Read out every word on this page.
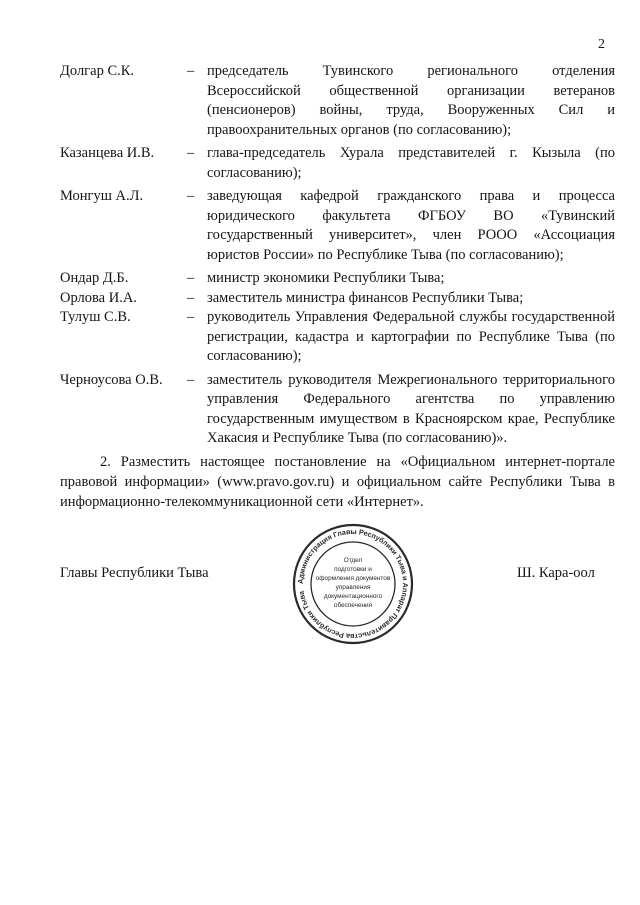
2
Долгар С.К.	– председатель Тувинского регионального отделения Всероссийской общественной организации ветеранов (пенсионеров) войны, труда, Вооруженных Сил и правоохранительных органов (по согласованию);
Казанцева И.В.	– глава-председатель Хурала представителей г. Кызыла (по согласованию);
Монгуш А.Л.	– заведующая кафедрой гражданского права и процесса юридического факультета ФГБОУ ВО «Тувинский государственный университет», член РООО «Ассоциация юристов России» по Республике Тыва (по согласованию);
Ондар Д.Б.	– министр экономики Республики Тыва;
Орлова И.А.	– заместитель министра финансов Республики Тыва;
Тулуш С.В.	– руководитель Управления Федеральной службы государственной регистрации, кадастра и картографии по Республике Тыва (по согласованию);
Черноусова О.В.	– заместитель руководителя Межрегионального территориального управления Федерального агентства по управлению государственным имуществом в Красноярском крае, Республике Хакасия и Республике Тыва (по согласованию)».
2. Разместить настоящее постановление на «Официальном интернет-портале правовой информации» (www.pravo.gov.ru) и официальном сайте Республики Тыва в информационно-телекоммуникационной сети «Интернет».
Главы Республики Тыва
Администрация Главы Республики Тыва и Аппарат Правительства Республики Тыва
Отдел
подготовки и
оформления документов
управления
документационного
обеспечения
Ш. Кара-оол
